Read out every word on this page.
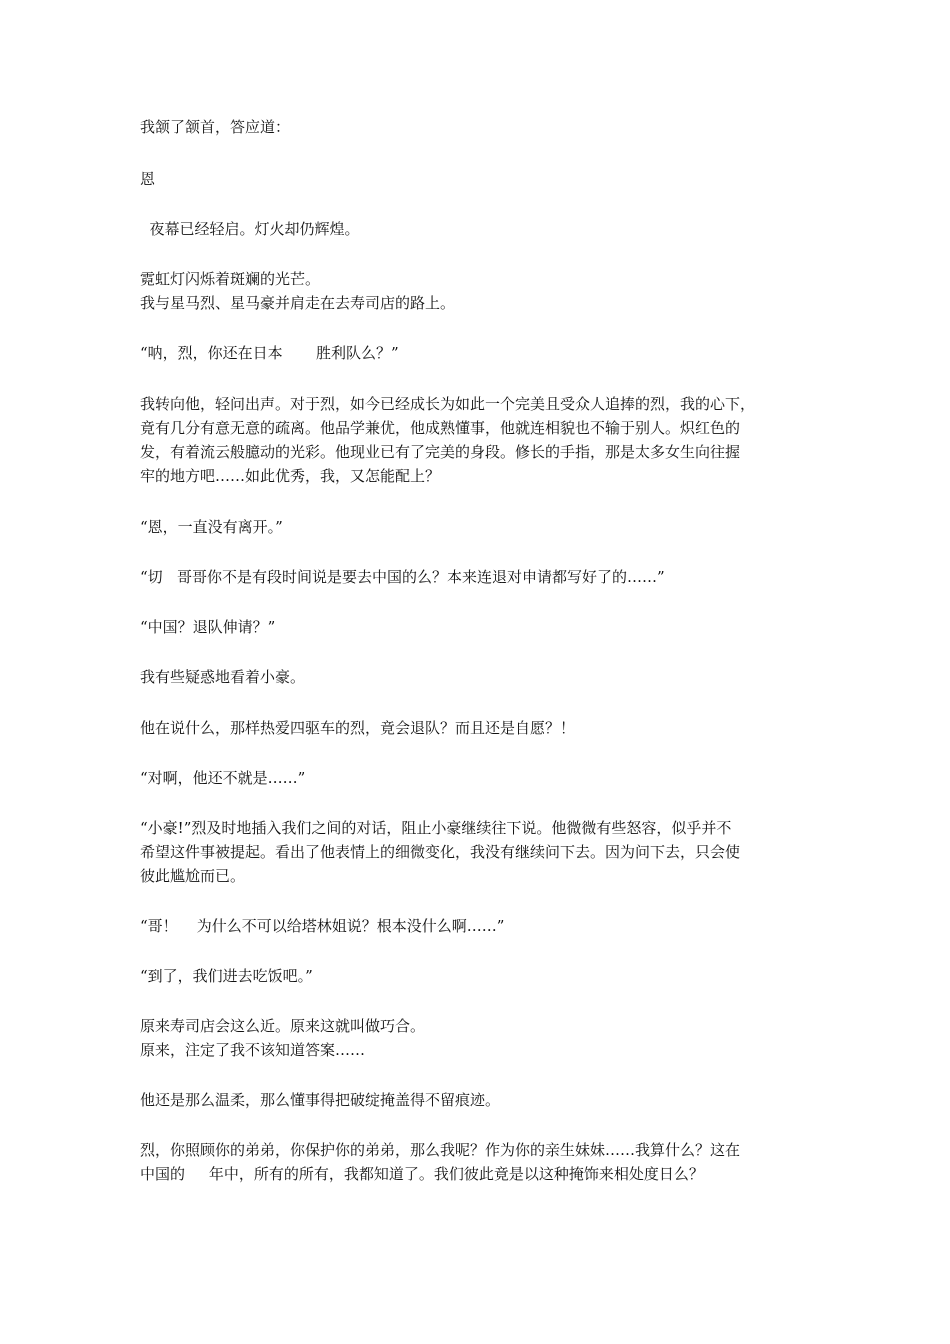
我颔了颔首，答应道：

恩

夜幕已经轻启。灯火却仍辉煌。

霓虹灯闪烁着斑斓的光芒。

我与星马烈、星马豪并肩走在去寿司店的路上。

“呐，烈，你还在日本       胜利队么？”

我转向他，轻问出声。对于烈，如今已经成长为如此一个完美且受众人追捧的烈，我的心下，

竟有几分有意无意的疏离。他品学兼优，他成熟懂事，他就连相貌也不输于别人。炽红色的

发，有着流云般臆动的光彩。他现业已有了完美的身段。修长的手指，那是太多女生向往握

牢的地方吧……如此优秀，我，又怎能配上？

“恩，一直没有离开。”

“切   哥哥你不是有段时间说是要去中国的么？本来连退对申请都写好了的……”

“中国？退队伸请？”

我有些疑惑地看着小豪。

他在说什么，那样热爱四驱车的烈，竟会退队？而且还是自愿？！

“对啊，他还不就是……”

“小豪!”烈及时地插入我们之间的对话，阻止小豪继续往下说。他微微有些怒容，似乎并不

希望这件事被提起。看出了他表情上的细微变化，我没有继续问下去。因为问下去，只会使

彼此尴尬而已。

“哥！    为什么不可以给塔林姐说？根本没什么啊……”

“到了，我们进去吃饭吧。”

原来寿司店会这么近。原来这就叫做巧合。

原来，注定了我不该知道答案……

他还是那么温柔，那么懂事得把破绽掩盖得不留痕迹。

烈，你照顾你的弟弟，你保护你的弟弟，那么我呢？作为你的亲生妹妹……我算什么？这在

中国的     年中，所有的所有，我都知道了。我们彼此竟是以这种掩饰来相处度日么？
